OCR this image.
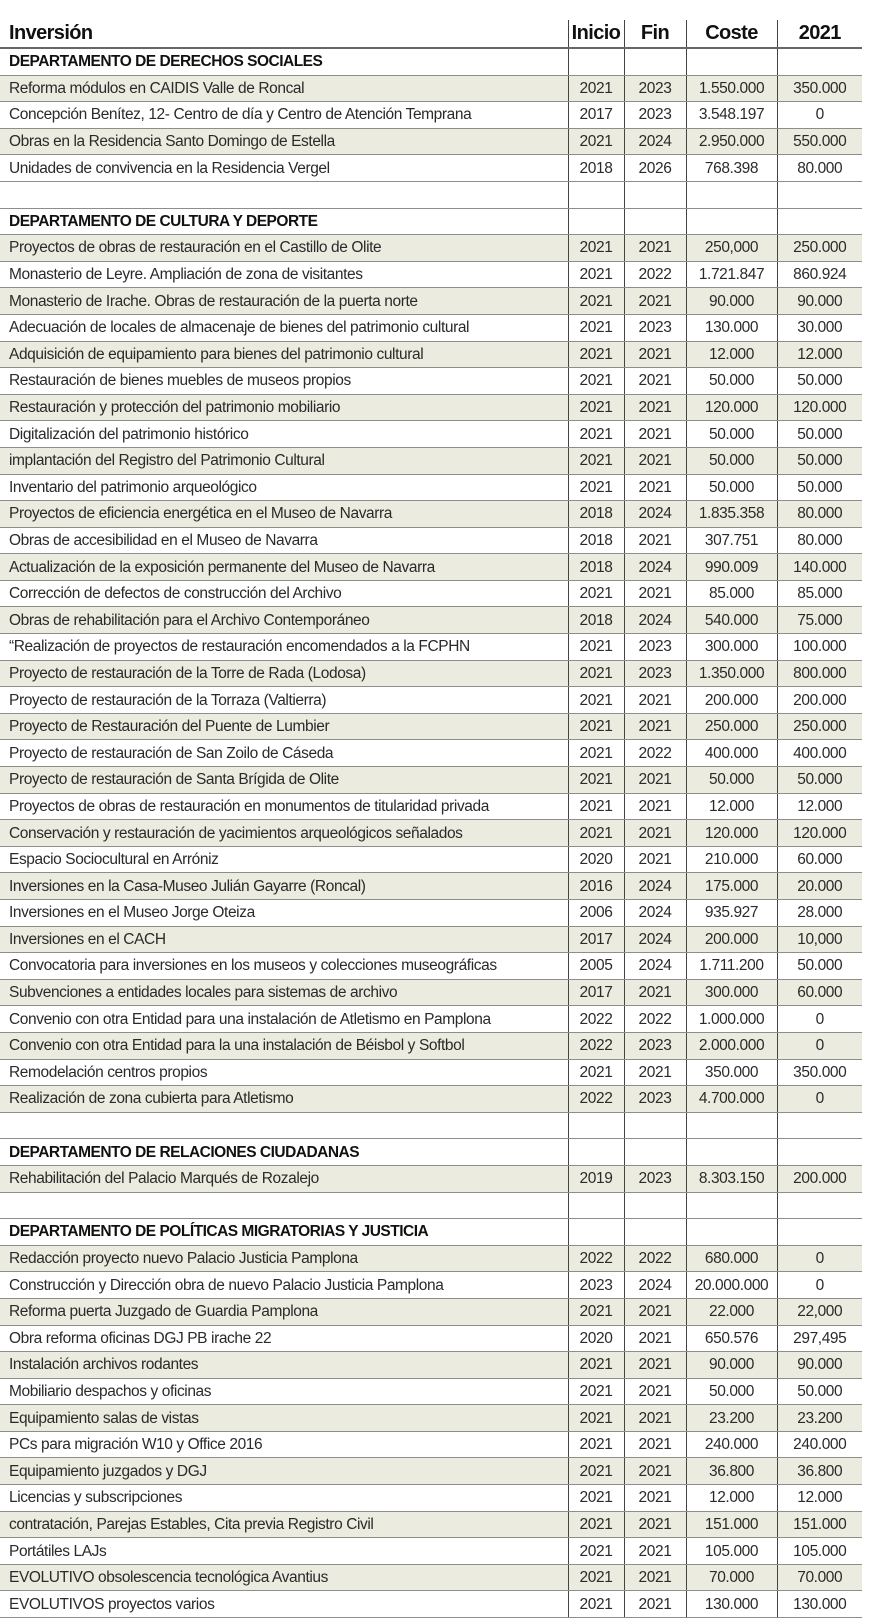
Inversión	Inicio	Fin	Coste	2021
DEPARTAMENTO DE DERECHOS SOCIALES				
Reforma módulos en CAIDIS Valle de Roncal	2021	2023	1.550.000	350.000
Concepción Benítez, 12- Centro de día y Centro de Atención Temprana	2017	2023	3.548.197	0
Obras en la Residencia Santo Domingo de Estella	2021	2024	2.950.000	550.000
Unidades de convivencia en la Residencia Vergel	2018	2026	768.398	80.000

DEPARTAMENTO DE CULTURA Y DEPORTE				
Proyectos de obras de restauración en el Castillo de Olite	2021	2021	250,000	250.000
Monasterio de Leyre. Ampliación de zona de visitantes	2021	2022	1.721.847	860.924
Monasterio de Irache. Obras de restauración de la puerta norte	2021	2021	90.000	90.000
Adecuación de locales de almacenaje de bienes del patrimonio cultural	2021	2023	130.000	30.000
Adquisición de equipamiento para bienes del patrimonio cultural	2021	2021	12.000	12.000
Restauración de bienes muebles de museos propios	2021	2021	50.000	50.000
Restauración y protección del patrimonio mobiliario	2021	2021	120.000	120.000
Digitalización del patrimonio histórico	2021	2021	50.000	50.000
implantación del Registro del Patrimonio Cultural	2021	2021	50.000	50.000
Inventario del patrimonio arqueológico	2021	2021	50.000	50.000
Proyectos de eficiencia energética en el Museo de Navarra	2018	2024	1.835.358	80.000
Obras de accesibilidad en el Museo de Navarra	2018	2021	307.751	80.000
Actualización de la exposición permanente del Museo de Navarra	2018	2024	990.009	140.000
Corrección de defectos de construcción del Archivo	2021	2021	85.000	85.000
Obras de rehabilitación para el Archivo Contemporáneo	2018	2024	540.000	75.000
“Realización de proyectos de restauración encomendados a la FCPHN	2021	2023	300.000	100.000
Proyecto de restauración de la Torre de Rada (Lodosa)	2021	2023	1.350.000	800.000
Proyecto de restauración de la Torraza (Valtierra)	2021	2021	200.000	200.000
Proyecto de Restauración del Puente de Lumbier	2021	2021	250.000	250.000
Proyecto de restauración de San Zoilo de Cáseda	2021	2022	400.000	400.000
Proyecto de restauración de Santa Brígida de Olite	2021	2021	50.000	50.000
Proyectos de obras de restauración en monumentos de titularidad privada	2021	2021	12.000	12.000
Conservación y restauración de yacimientos arqueológicos señalados	2021	2021	120.000	120.000
Espacio Sociocultural en Arróniz	2020	2021	210.000	60.000
Inversiones en la Casa-Museo Julián Gayarre (Roncal)	2016	2024	175.000	20.000
Inversiones en el Museo Jorge Oteiza	2006	2024	935.927	28.000
Inversiones en el CACH	2017	2024	200.000	10,000
Convocatoria para inversiones en los museos y colecciones museográficas	2005	2024	1.711.200	50.000
Subvenciones a entidades locales para sistemas de archivo	2017	2021	300.000	60.000
Convenio con otra Entidad para una instalación de Atletismo en Pamplona	2022	2022	1.000.000	0
Convenio con otra Entidad para la una instalación de Béisbol y Softbol	2022	2023	2.000.000	0
Remodelación centros propios	2021	2021	350.000	350.000
Realización de zona cubierta para Atletismo	2022	2023	4.700.000	0

DEPARTAMENTO DE RELACIONES CIUDADANAS				
Rehabilitación del Palacio Marqués de Rozalejo	2019	2023	8.303.150	200.000

DEPARTAMENTO DE POLÍTICAS MIGRATORIAS Y JUSTICIA				
Redacción proyecto nuevo Palacio Justicia Pamplona	2022	2022	680.000	0
Construcción y Dirección obra de nuevo Palacio Justicia Pamplona	2023	2024	20.000.000	0
Reforma puerta Juzgado de Guardia Pamplona	2021	2021	22.000	22,000
Obra reforma oficinas DGJ PB irache 22	2020	2021	650.576	297,495
Instalación archivos rodantes	2021	2021	90.000	90.000
Mobiliario despachos y oficinas	2021	2021	50.000	50.000
Equipamiento salas de vistas	2021	2021	23.200	23.200
PCs para migración W10 y Office 2016	2021	2021	240.000	240.000
Equipamiento juzgados y DGJ	2021	2021	36.800	36.800
Licencias y subscripciones	2021	2021	12.000	12.000
contratación, Parejas Estables, Cita previa Registro Civil	2021	2021	151.000	151.000
Portátiles LAJs	2021	2021	105.000	105.000
EVOLUTIVO obsolescencia tecnológica Avantius	2021	2021	70.000	70.000
EVOLUTIVOS proyectos varios	2021	2021	130.000	130.000
